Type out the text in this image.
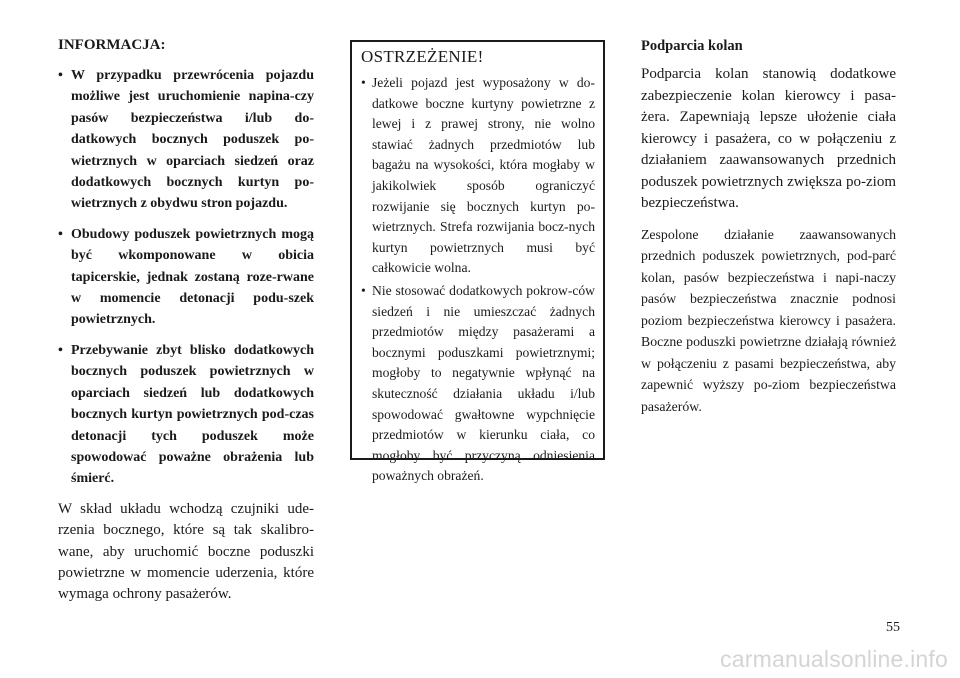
INFORMACJA:

• W przypadku przewrócenia pojazdu możliwe jest uruchomienie napina-czy pasów bezpieczeństwa i/lub do-datkowych bocznych poduszek po-wietrznych w oparciach siedzeń oraz dodatkowych bocznych kurtyn po-wietrznych z obydwu stron pojazdu.
• Obudowy poduszek powietrznych mogą być wkomponowane w obicia tapicerskie, jednak zostaną roze-rwane w momencie detonacji podu-szek powietrznych.
• Przebywanie zbyt blisko dodatkowych bocznych poduszek powietrznych w oparciach siedzeń lub dodatkowych bocznych kurtyn powietrznych pod-czas detonacji tych poduszek może spowodować poważne obrażenia lub śmierć.

W skład układu wchodzą czujniki ude-rzenia bocznego, które są tak skalibro-wane, aby uruchomić boczne poduszki powietrzne w momencie uderzenia, które wymaga ochrony pasażerów.

OSTRZEŻENIE!

• Jeżeli pojazd jest wyposażony w do-datkowe boczne kurtyny powietrzne z lewej i z prawej strony, nie wolno stawiać żadnych przedmiotów lub bagażu na wysokości, która mogłaby w jakikolwiek sposób ograniczyć rozwijanie się bocznych kurtyn po-wietrznych. Strefa rozwijania bocz-nych kurtyn powietrznych musi być całkowicie wolna.
• Nie stosować dodatkowych pokrow-ców siedzeń i nie umieszczać żadnych przedmiotów między pasażerami a bocznymi poduszkami powietrznymi; mogłoby to negatywnie wpłynąć na skuteczność działania układu i/lub spowodować gwałtowne wypchnięcie przedmiotów w kierunku ciała, co mogłoby być przyczyną odniesienia poważnych obrażeń.

Podparcia kolan

Podparcia kolan stanowią dodatkowe zabezpieczenie kolan kierowcy i pasa-żera. Zapewniają lepsze ułożenie ciała kierowcy i pasażera, co w połączeniu z działaniem zaawansowanych przednich poduszek powietrznych zwiększa po-ziom bezpieczeństwa.

Zespolone działanie zaawansowanych przednich poduszek powietrznych, pod-parć kolan, pasów bezpieczeństwa i napi-naczy pasów bezpieczeństwa znacznie podnosi poziom bezpieczeństwa kierowcy i pasażera. Boczne poduszki powietrzne działają również w połączeniu z pasami bezpieczeństwa, aby zapewnić wyższy po-ziom bezpieczeństwa pasażerów.

55
carmanualsonline.info
